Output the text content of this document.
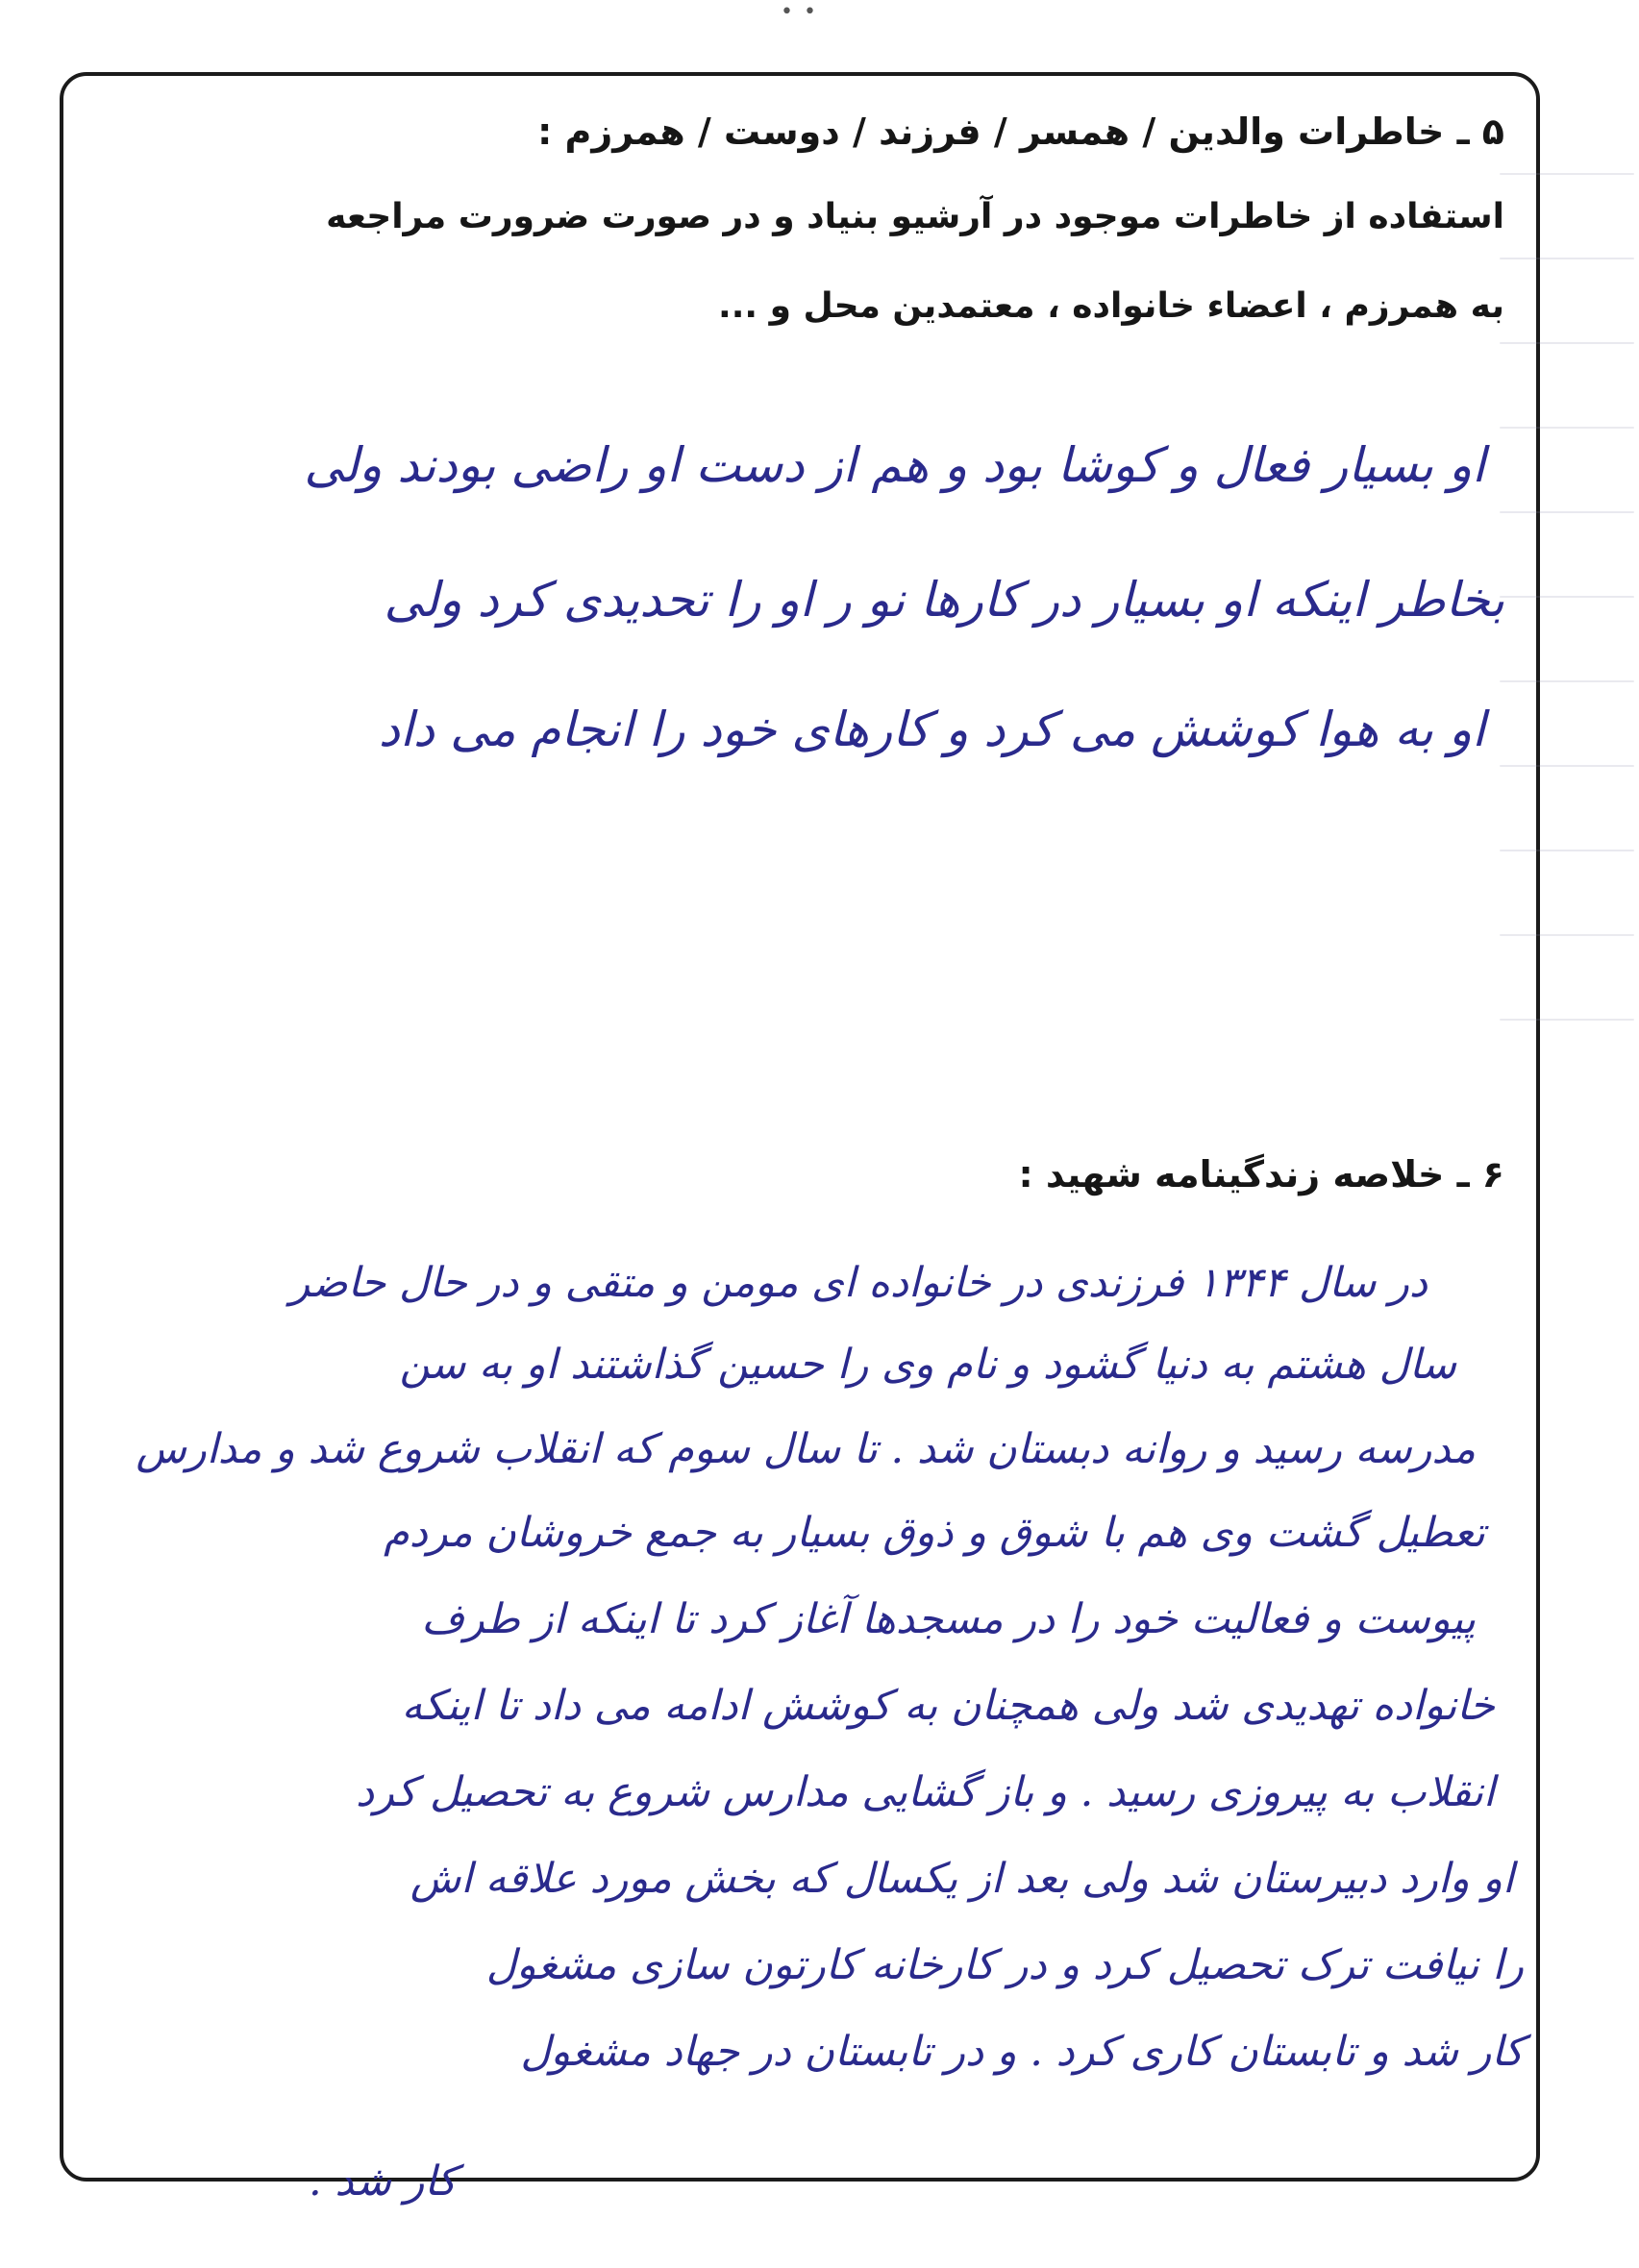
• •
۵ ـ خاطرات والدین / همسر / فرزند / دوست / همرزم :
استفاده از خاطرات موجود در آرشیو بنیاد و در صورت ضرورت مراجعه
به همرزم ، اعضاء خانواده ، معتمدین محل و ...
او بسیار فعال و کوشا بود و هم از دست او راضی بودند ولی
بخاطر اینکه او بسیار در کارها نو ر او را تحدیدی کرد ولی
او به هوا کوشش می کرد و کارهای خود را انجام می داد
۶ ـ خلاصه زندگینامه شهید :
در سال ۱۳۴۴ فرزندی در خانواده ای مومن و متقی و در حال حاضر
سال هشتم به دنیا گشود و نام وی را حسین گذاشتند او به سن
مدرسه رسید و روانه دبستان شد . تا سال سوم که انقلاب شروع شد و مدارس
تعطیل گشت وی هم با شوق و ذوق بسیار به جمع خروشان مردم
پیوست و فعالیت خود را در مسجدها آغاز کرد تا اینکه از طرف
خانواده تهدیدی شد ولی همچنان به کوشش ادامه می داد تا اینکه
انقلاب به پیروزی رسید . و باز گشایی مدارس شروع به تحصیل کرد
او وارد دبیرستان شد ولی بعد از یکسال که بخش مورد علاقه اش
را نیافت ترک تحصیل کرد و در کارخانه کارتون سازی مشغول
کار شد و تابستان کاری کرد . و در تابستان در جهاد مشغول
کار شد .
